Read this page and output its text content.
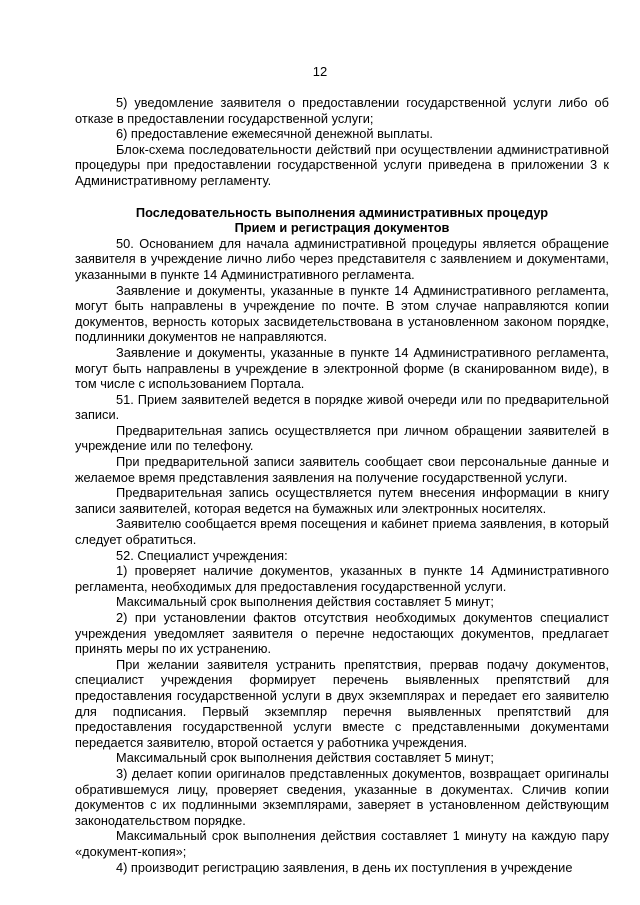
12

5) уведомление заявителя о предоставлении государственной услуги либо об отказе в предоставлении государственной услуги;

6) предоставление ежемесячной денежной выплаты.

Блок-схема последовательности действий при осуществлении административной процедуры при предоставлении государственной услуги приведена в приложении 3 к Административному регламенту.

Последовательность выполнения административных процедур
Прием и регистрация документов

50. Основанием для начала административной процедуры является обращение заявителя в учреждение лично либо через представителя с заявлением и документами, указанными в пункте 14 Административного регламента.

Заявление и документы, указанные в пункте 14 Административного регламента, могут быть направлены в учреждение по почте. В этом случае направляются копии документов, верность которых засвидетельствована в установленном законом порядке, подлинники документов не направляются.

Заявление и документы, указанные в пункте 14 Административного регламента, могут быть направлены в учреждение в электронной форме (в сканированном виде), в том числе с использованием Портала.

51. Прием заявителей ведется в порядке живой очереди или по предварительной записи.

Предварительная запись осуществляется при личном обращении заявителей в учреждение или по телефону.

При предварительной записи заявитель сообщает свои персональные данные и желаемое время представления заявления на получение государственной услуги.

Предварительная запись осуществляется путем внесения информации в книгу записи заявителей, которая ведется на бумажных или электронных носителях.

Заявителю сообщается время посещения и кабинет приема заявления, в который следует обратиться.

52. Специалист учреждения:

1) проверяет наличие документов, указанных в пункте 14 Административного регламента, необходимых для предоставления государственной услуги.

Максимальный срок выполнения действия составляет 5 минут;

2) при установлении фактов отсутствия необходимых документов специалист учреждения уведомляет заявителя о перечне недостающих документов, предлагает принять меры по их устранению.

При желании заявителя устранить препятствия, прервав подачу документов, специалист учреждения формирует перечень выявленных препятствий для предоставления государственной услуги в двух экземплярах и передает его заявителю для подписания. Первый экземпляр перечня выявленных препятствий для предоставления государственной услуги вместе с представленными документами передается заявителю, второй остается у работника учреждения.

Максимальный срок выполнения действия составляет 5 минут;

3) делает копии оригиналов представленных документов, возвращает оригиналы обратившемуся лицу, проверяет сведения, указанные в документах. Сличив копии документов с их подлинными экземплярами, заверяет в установленном действующим законодательством порядке.

Максимальный срок выполнения действия составляет 1 минуту на каждую пару «документ-копия»;

4) производит регистрацию заявления, в день их поступления в учреждение
